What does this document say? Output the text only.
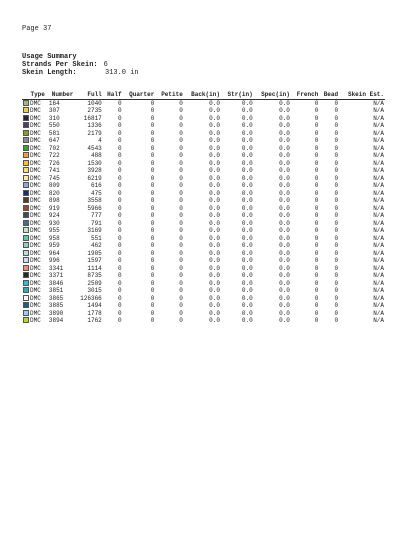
Page 37
Usage Summary
Strands Per Skein: 6
Skein Length:	313.0 in
Type	Number	Full	Half	Quarter	Petite	Back(in)	Str(in)	Spec(in)	French	Bead	Skein Est.
DMC	164	1040	0	0	0	0.0	0.0	0.0	0	0	N/A
DMC	307	2735	0	0	0	0.0	0.0	0.0	0	0	N/A
DMC	310	16817	0	0	0	0.0	0.0	0.0	0	0	N/A
DMC	550	1336	0	0	0	0.0	0.0	0.0	0	0	N/A
DMC	581	2179	0	0	0	0.0	0.0	0.0	0	0	N/A
DMC	647	4	0	0	0	0.0	0.0	0.0	0	0	N/A
DMC	702	4543	0	0	0	0.0	0.0	0.0	0	0	N/A
DMC	722	488	0	0	0	0.0	0.0	0.0	0	0	N/A
DMC	726	1530	0	0	0	0.0	0.0	0.0	0	0	N/A
DMC	741	3928	0	0	0	0.0	0.0	0.0	0	0	N/A
DMC	745	6219	0	0	0	0.0	0.0	0.0	0	0	N/A
DMC	809	616	0	0	0	0.0	0.0	0.0	0	0	N/A
DMC	820	475	0	0	0	0.0	0.0	0.0	0	0	N/A
DMC	898	3558	0	0	0	0.0	0.0	0.0	0	0	N/A
DMC	919	5966	0	0	0	0.0	0.0	0.0	0	0	N/A
DMC	924	777	0	0	0	0.0	0.0	0.0	0	0	N/A
DMC	930	791	0	0	0	0.0	0.0	0.0	0	0	N/A
DMC	955	3169	0	0	0	0.0	0.0	0.0	0	0	N/A
DMC	958	551	0	0	0	0.0	0.0	0.0	0	0	N/A
DMC	959	462	0	0	0	0.0	0.0	0.0	0	0	N/A
DMC	964	1905	0	0	0	0.0	0.0	0.0	0	0	N/A
DMC	996	1597	0	0	0	0.0	0.0	0.0	0	0	N/A
DMC	3341	1114	0	0	0	0.0	0.0	0.0	0	0	N/A
DMC	3371	8735	0	0	0	0.0	0.0	0.0	0	0	N/A
DMC	3846	2509	0	0	0	0.0	0.0	0.0	0	0	N/A
DMC	3851	3015	0	0	0	0.0	0.0	0.0	0	0	N/A
DMC	3865	126366	0	0	0	0.0	0.0	0.0	0	0	N/A
DMC	3885	1494	0	0	0	0.0	0.0	0.0	0	0	N/A
DMC	3890	1778	0	0	0	0.0	0.0	0.0	0	0	N/A
DMC	3894	1762	0	0	0	0.0	0.0	0.0	0	0	N/A
